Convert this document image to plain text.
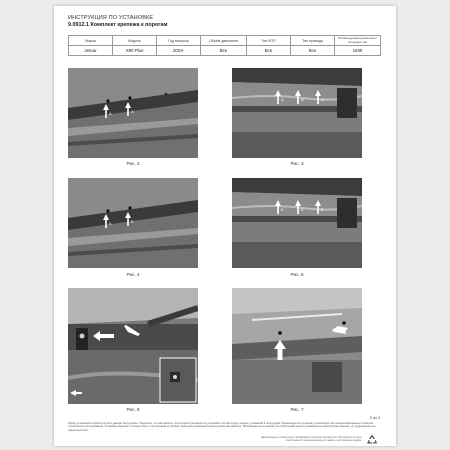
ИНСТРУКЦИЯ ПО УСТАНОВКЕ
9.0912.1 Комплект крепежа к порогам
Марка	Модель	Год выпуска	Объём двигателя	Тип КПП	Тип привода	Рекомендуемая длина порог площадки, мм
Jetour	X90 Plus	2023-	Все	Все	Все	1930
A	A
Рис. 2
A	A	A
Рис. 3
Б	Б
Рис. 4
Б	Б	Б
Рис. 5
Рис. 6	Рис. 7
2 из 3
Перед установкой изделия изучите данную инструкцию. Убедитесь, что автомобиль, на который производится установка, соответствует модели, указанной в инструкции. Рекомендуется установку производить на специализированных станциях технического обслуживания. Установка изделия в соответствии с инструкцией не требует внесения изменений в конструкцию автомобиля. Производитель оставляет за собой право вносить изменения в конструкцию изделия, не ухудшающие его характеристики.
Данное изделие соответствует требованиям технических регламентов. Изготовитель не несёт ответственности за ненадлежащую установку и эксплуатацию изделия.
